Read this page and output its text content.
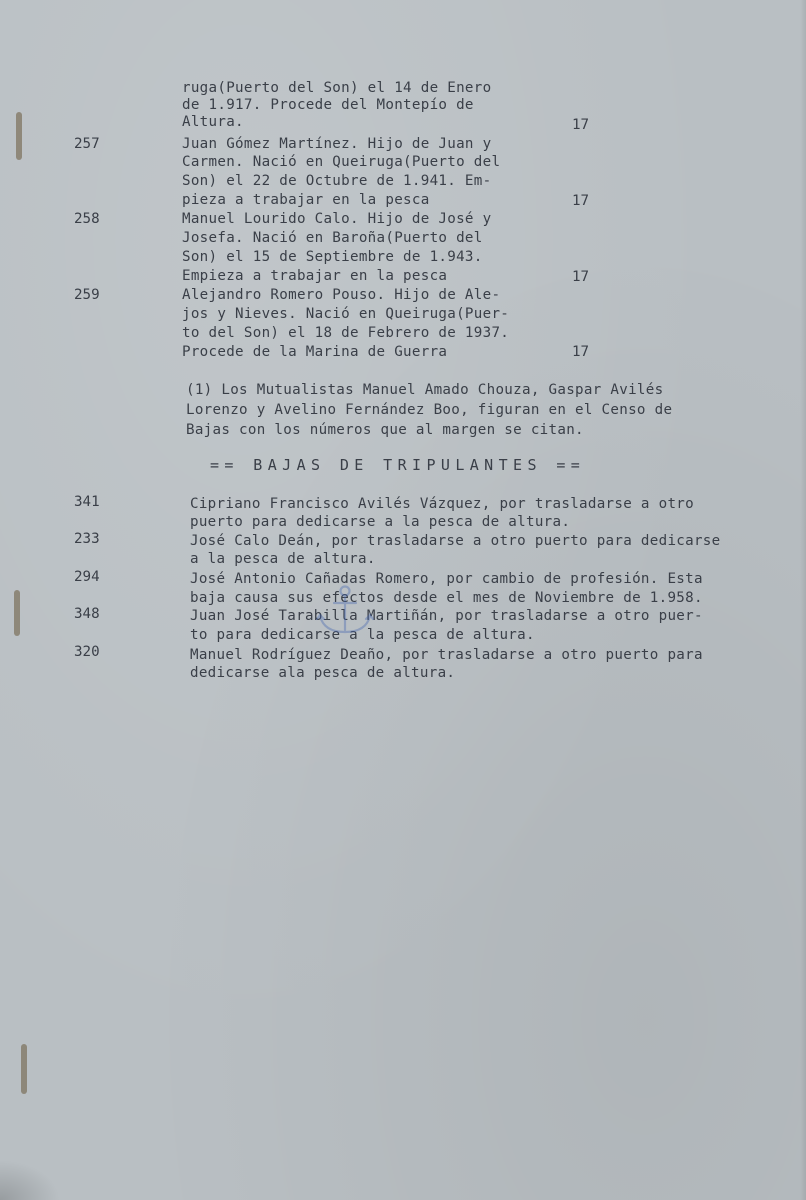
ruga(Puerto del Son) el 14 de Enero
de 1.917. Procede del Montepío de
Altura.	17
257	Juan Gómez Martínez. Hijo de Juan y
Carmen. Nació en Queiruga(Puerto del
Son) el 22 de Octubre de 1.941. Em-
pieza a trabajar en la pesca	17
258	Manuel Lourido Calo. Hijo de José y
Josefa. Nació en Baroña(Puerto del
Son) el 15 de Septiembre de 1.943.
Empieza a trabajar en la pesca	17
259	Alejandro Romero Pouso. Hijo de Ale-
jos y Nieves. Nació en Queiruga(Puer-
to del Son) el 18 de Febrero de 1937.
Procede de la Marina de Guerra	17
(1) Los Mutualistas Manuel Amado Chouza, Gaspar Avilés
Lorenzo y Avelino Fernández Boo, figuran en el Censo de
Bajas con los números que al margen se citan.
== BAJAS DE TRIPULANTES ==
341	Cipriano Francisco Avilés Vázquez, por trasladarse a otro
puerto para dedicarse a la pesca de altura.
233	José Calo Deán, por trasladarse a otro puerto para dedicarse
a la pesca de altura.
294	José Antonio Cañadas Romero, por cambio de profesión. Esta
baja causa sus efectos desde el mes de Noviembre de 1.958.
348	Juan José Tarabilla Martiñán, por trasladarse a otro puer-
to para dedicarse a la pesca de altura.
320	Manuel Rodríguez Deaño, por trasladarse a otro puerto para
dedicarse ala pesca de altura.
